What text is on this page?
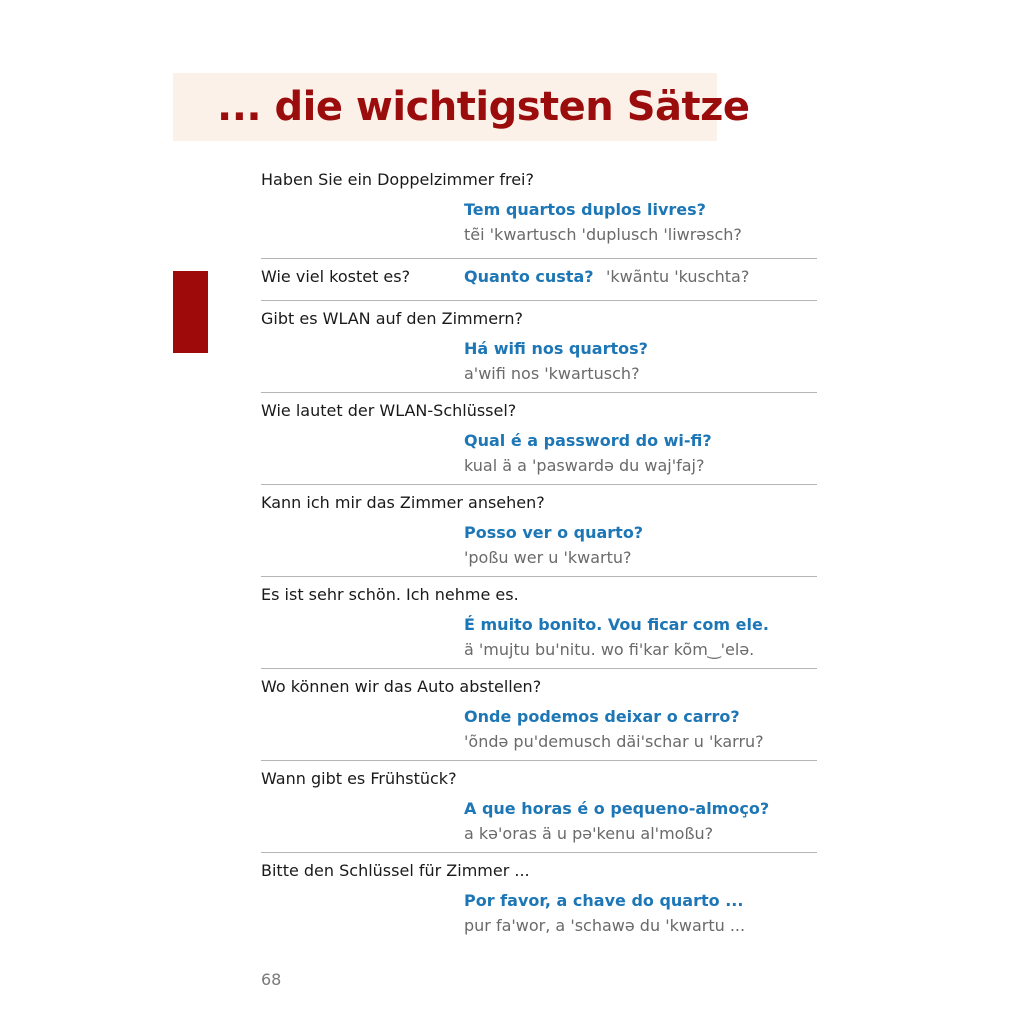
... die wichtigsten Sätze
Haben Sie ein Doppelzimmer frei?
Tem quartos duplos livres?
tẽi 'kwartusch 'duplusch 'liwrəsch?
Wie viel kostet es?	Quanto custa? 'kwãntu 'kuschta?
Gibt es WLAN auf den Zimmern?
Há wifi nos quartos?
a'wifi nos 'kwartusch?
Wie lautet der WLAN-Schlüssel?
Qual é a password do wi-fi?
kual ä a 'paswardə du waj'faj?
Kann ich mir das Zimmer ansehen?
Posso ver o quarto?
'poßu wer u 'kwartu?
Es ist sehr schön. Ich nehme es.
É muito bonito. Vou ficar com ele.
ä 'mujtu bu'nitu. wo fi'kar kõm‿'elə.
Wo können wir das Auto abstellen?
Onde podemos deixar o carro?
'õndə pu'demusch däi'schar u 'karru?
Wann gibt es Frühstück?
A que horas é o pequeno-almoço?
a kə'oras ä u pə'kenu al'moßu?
Bitte den Schlüssel für Zimmer ...
Por favor, a chave do quarto ...
pur fa'wor, a 'schawə du 'kwartu ...
68
